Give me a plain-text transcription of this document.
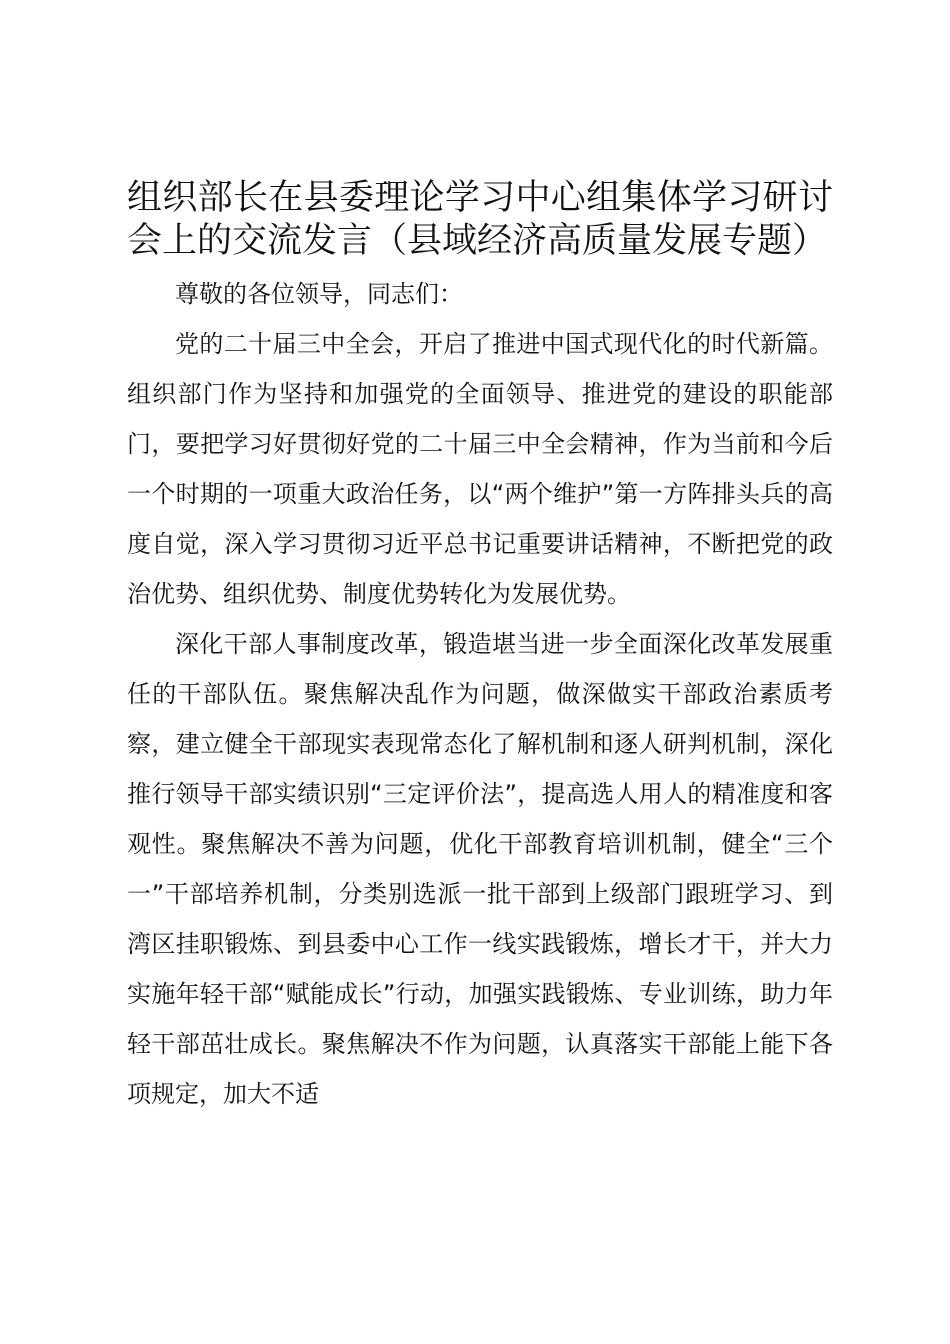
组织部长在县委理论学习中心组集体学习研讨会上的交流发言（县域经济高质量发展专题）

尊敬的各位领导，同志们：

党的二十届三中全会，开启了推进中国式现代化的时代新篇。组织部门作为坚持和加强党的全面领导、推进党的建设的职能部门，要把学习好贯彻好党的二十届三中全会精神，作为当前和今后一个时期的一项重大政治任务，以“两个维护”第一方阵排头兵的高度自觉，深入学习贯彻习近平总书记重要讲话精神，不断把党的政治优势、组织优势、制度优势转化为发展优势。

深化干部人事制度改革，锻造堪当进一步全面深化改革发展重任的干部队伍。聚焦解决乱作为问题，做深做实干部政治素质考察，建立健全干部现实表现常态化了解机制和逐人研判机制，深化推行领导干部实绩识别“三定评价法”，提高选人用人的精准度和客观性。聚焦解决不善为问题，优化干部教育培训机制，健全“三个一”干部培养机制，分类别选派一批干部到上级部门跟班学习、到湾区挂职锻炼、到县委中心工作一线实践锻炼，增长才干，并大力实施年轻干部“赋能成长”行动，加强实践锻炼、专业训练，助力年轻干部茁壮成长。聚焦解决不作为问题，认真落实干部能上能下各项规定，加大不适
